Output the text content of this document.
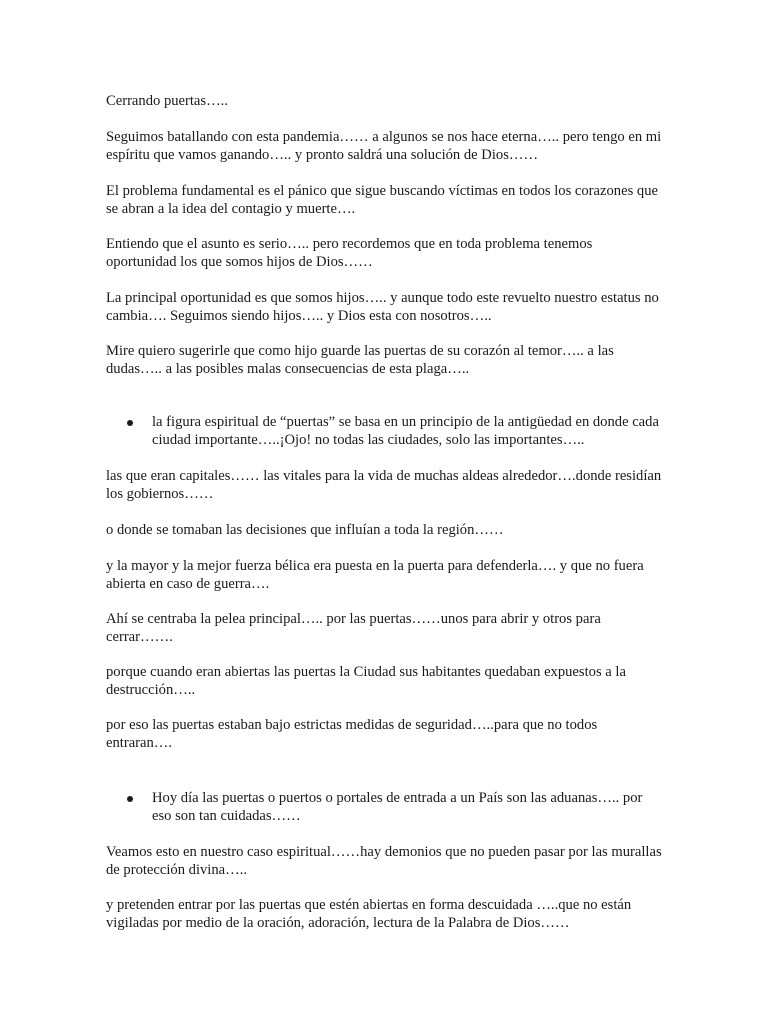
Cerrando puertas…..

Seguimos batallando con esta pandemia…… a algunos se nos hace eterna….. pero tengo en mi espíritu que vamos ganando….. y pronto saldrá una solución de Dios……

El problema fundamental es el pánico que sigue buscando víctimas en todos los corazones que se abran a la idea del contagio y muerte….

Entiendo que el asunto es serio….. pero recordemos que en toda problema tenemos oportunidad los que somos hijos de Dios……

La principal oportunidad es que somos hijos….. y aunque todo este revuelto nuestro estatus no cambia…. Seguimos siendo hijos….. y Dios esta con nosotros…..

Mire quiero sugerirle que como hijo guarde las puertas de su corazón al temor….. a las dudas….. a las posibles malas consecuencias de esta plaga…..

la figura espiritual de “puertas” se basa en un principio de la antigüedad en donde cada ciudad importante…..¡Ojo! no todas las ciudades, solo las importantes…..

las que eran capitales…… las vitales para la vida de muchas aldeas alrededor….donde residían los gobiernos……

o donde se tomaban las decisiones que influían a toda la región……

y la mayor y la mejor fuerza bélica era puesta en la puerta para defenderla…. y que no fuera abierta en caso de guerra….

Ahí se centraba la pelea principal….. por las puertas……unos para abrir y otros para cerrar…….

porque cuando eran abiertas las puertas la Ciudad sus habitantes quedaban expuestos a la destrucción…..

por eso las puertas estaban bajo estrictas medidas de seguridad…..para que no todos entraran….

Hoy día las puertas o puertos o portales de entrada a un País son las aduanas….. por eso son tan cuidadas……

Veamos esto en nuestro caso espiritual……hay demonios que no pueden pasar por las murallas de protección divina…..

y pretenden entrar por las puertas que estén abiertas en forma descuidada …..que no están vigiladas por medio de la oración, adoración, lectura de la Palabra de Dios……
